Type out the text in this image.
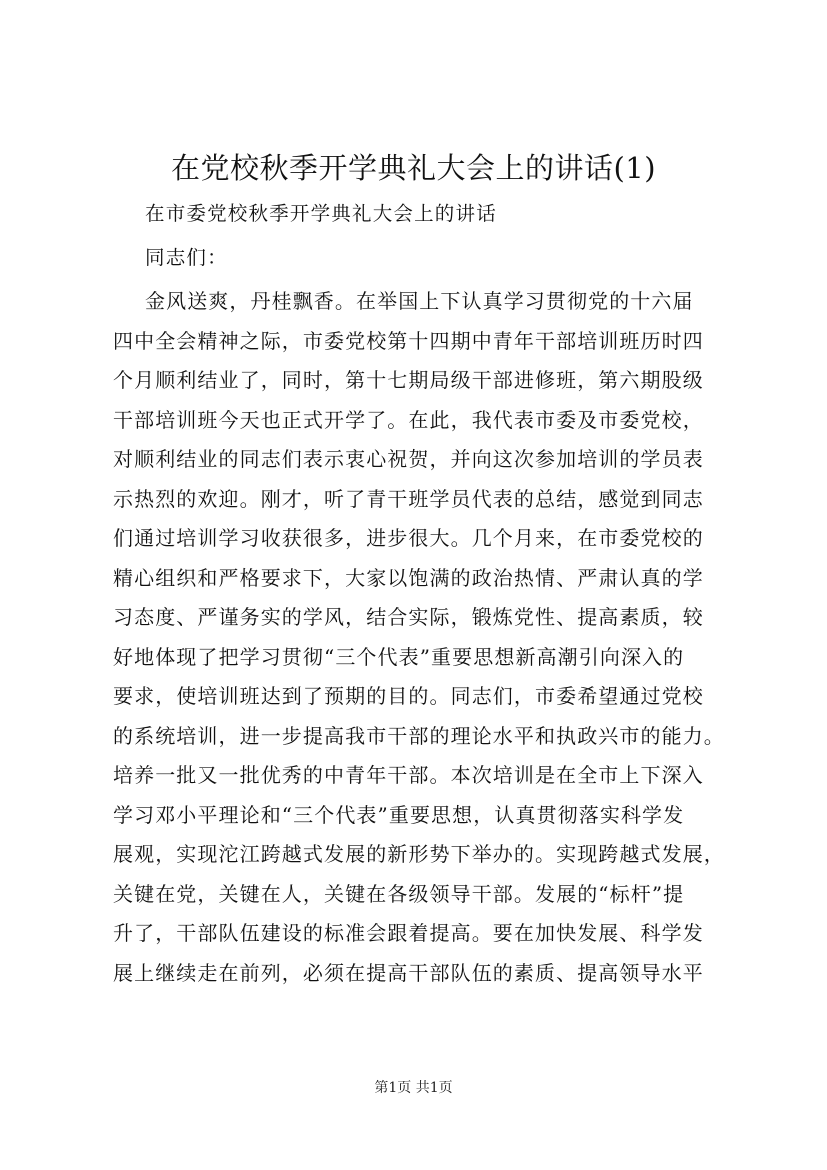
在党校秋季开学典礼大会上的讲话(1)
在市委党校秋季开学典礼大会上的讲话
同志们：
金风送爽，丹桂飘香。在举国上下认真学习贯彻党的十六届
四中全会精神之际，市委党校第十四期中青年干部培训班历时四
个月顺利结业了，同时，第十七期局级干部进修班，第六期股级
干部培训班今天也正式开学了。在此，我代表市委及市委党校，
对顺利结业的同志们表示衷心祝贺，并向这次参加培训的学员表
示热烈的欢迎。刚才，听了青干班学员代表的总结，感觉到同志
们通过培训学习收获很多，进步很大。几个月来，在市委党校的
精心组织和严格要求下，大家以饱满的政治热情、严肃认真的学
习态度、严谨务实的学风，结合实际，锻炼党性、提高素质，较
好地体现了把学习贯彻“三个代表”重要思想新高潮引向深入的
要求，使培训班达到了预期的目的。同志们，市委希望通过党校
的系统培训，进一步提高我市干部的理论水平和执政兴市的能力。
培养一批又一批优秀的中青年干部。本次培训是在全市上下深入
学习邓小平理论和“三个代表”重要思想，认真贯彻落实科学发
展观，实现沱江跨越式发展的新形势下举办的。实现跨越式发展，
关键在党，关键在人，关键在各级领导干部。发展的“标杆”提
升了，干部队伍建设的标准会跟着提高。要在加快发展、科学发
展上继续走在前列，必须在提高干部队伍的素质、提高领导水平
第1页 共1页
